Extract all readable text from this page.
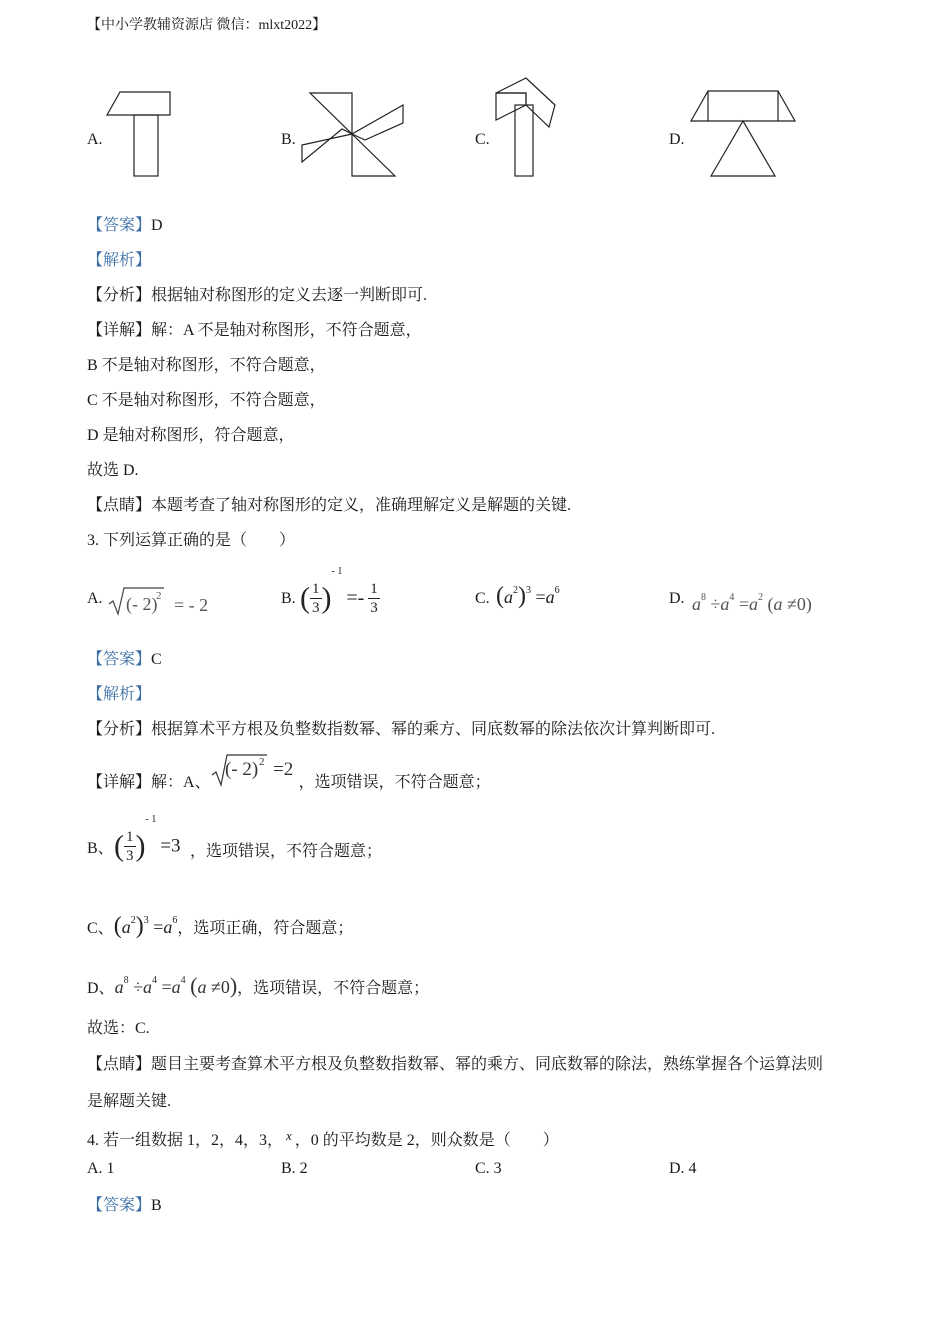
【中小学教辅资源店 微信：mlxt2022】
A.	B.	C.	D.
【答案】D
【解析】
【分析】根据轴对称图形的定义去逐一判断即可.
【详解】解：A 不是轴对称图形，不符合题意，
B 不是轴对称图形，不符合题意，
C 不是轴对称图形，不符合题意，
D 是轴对称图形，符合题意，
故选 D.
【点睛】本题考查了轴对称图形的定义，准确理解定义是解题的关键.
3. 下列运算正确的是（　　）
A.	B.	C.	D.
(- 2)
2 = - 2	( $\frac{1}{3} )^{- 1} =- \frac{1}{3}$	$(a^2)^3 =a^6$
$a^8 \div a^4 =a^2$ (a ≠0)
【答案】C
【解析】
【分析】根据算术平方根及负整数指数幂、幂的乘方、同底数幂的除法依次计算判断即可.
【详解】解：A、
(- 2) 2 =2
，选项错误，不符合题意；
B、 ( $\frac{1}{3} )^{- 1} =3$ ，选项错误，不符合题意；
C、$(a^2)^3 =a^6$，选项正确，符合题意；
D、$a^8 \div a^4 =a^4$ (a ≠0)，选项错误，不符合题意；
故选：C.
【点睛】题目主要考查算术平方根及负整数指数幂、幂的乘方、同底数幂的除法，熟练掌握各个运算法则
是解题关键.
4. 若一组数据 1，2，4，3， $^x$ ，0 的平均数是 2，则众数是（　　）
A. 1	B. 2	C. 3	D. 4
【答案】B
